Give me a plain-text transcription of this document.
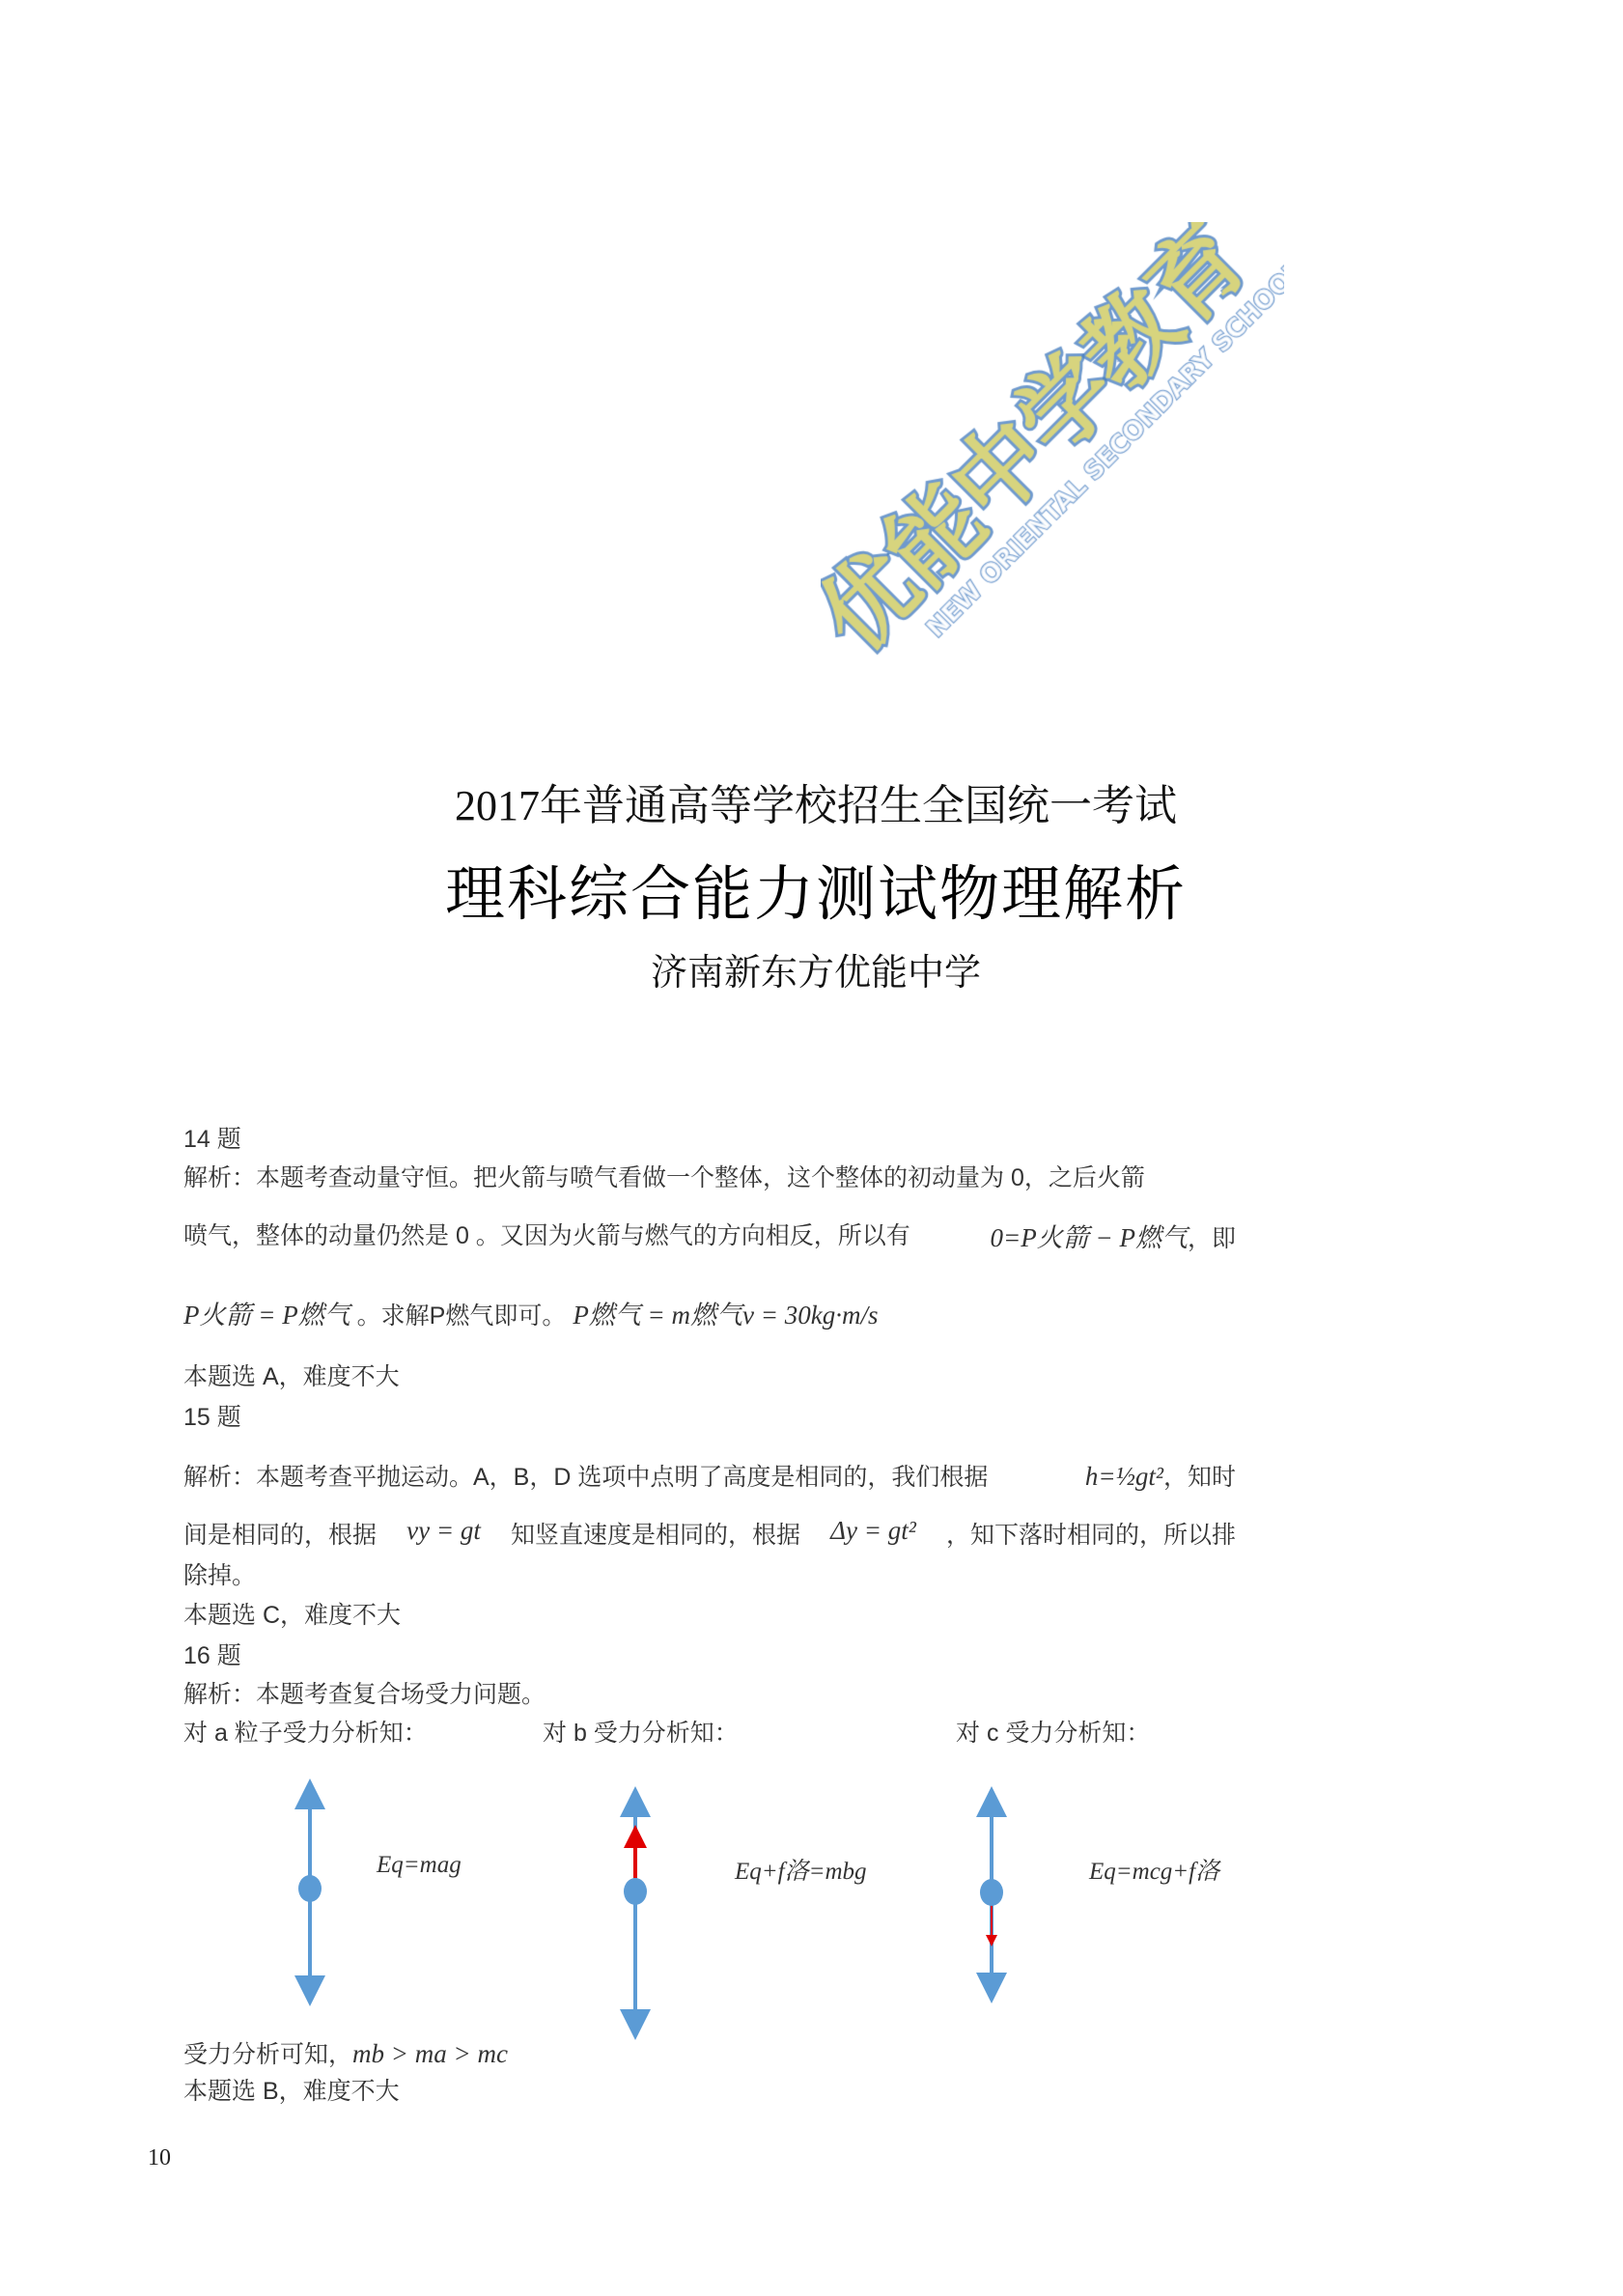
2017年普通高等学校招生全国统一考试
理科综合能力测试物理解析
济南新东方优能中学
14 题
解析：本题考查动量守恒。把火箭与喷气看做一个整体，这个整体的初动量为 0，之后火箭
喷气，整体的动量仍然是 0 。又因为火箭与燃气的方向相反，所以有	0=P火箭 − P燃气，即
P火箭 = P燃气 。求解P燃气即可。 P燃气 = m燃气v = 30kg·m/s
本题选 A，难度不大
15 题
解析：本题考查平抛运动。A，B，D 选项中点明了高度是相同的，我们根据	h=½gt²，知时
间是相同的，根据 vy = gt 知竖直速度是相同的，根据 Δy = gt² ，知下落时相同的，所以排
除掉。
本题选 C，难度不大
16 题
解析：本题考查复合场受力问题。
对 a 粒子受力分析知：	对 b 受力分析知：	对 c 受力分析知：
Eq=mag	Eq+f洛=mbg	Eq=mcg+f洛
受力分析可知，mb > ma > mc
本题选 B，难度不大
10
